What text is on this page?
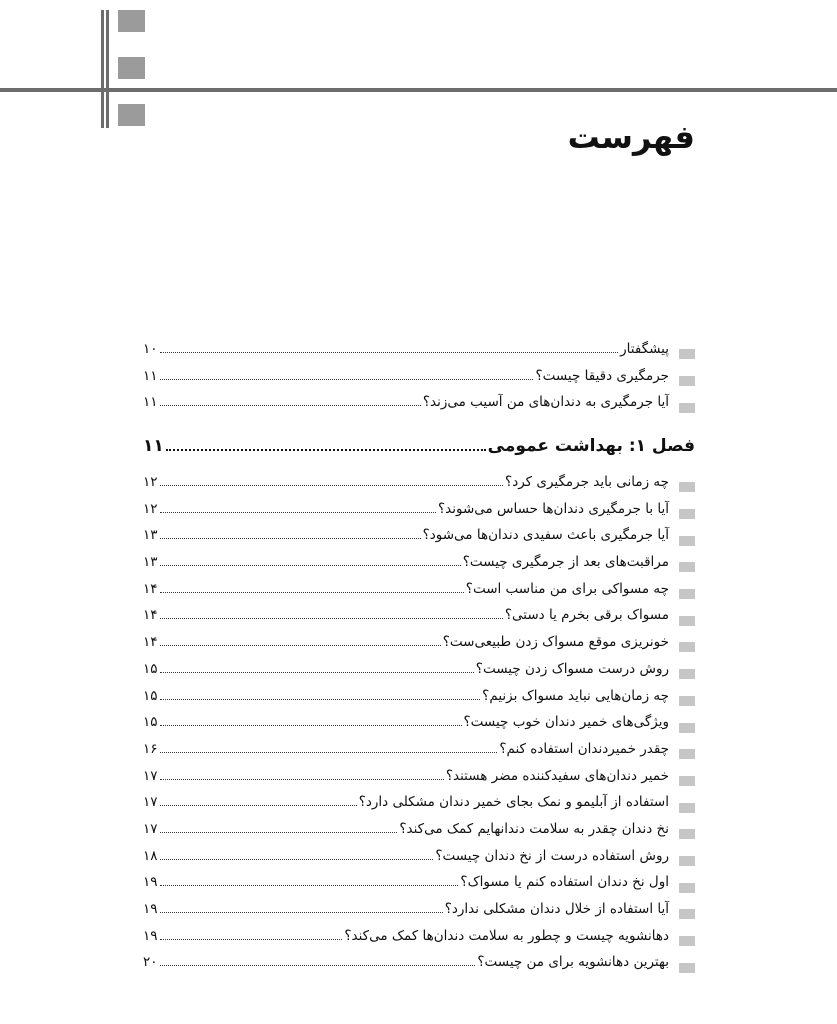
فهرست
پیشگفتار
۱۰
جرمگیری دقیقا چیست؟
۱۱
آیا جرمگیری به دندان‌های من آسیب می‌زند؟
۱۱
فصل ۱: بهداشت عمومی
۱۱
چه زمانی باید جرمگیری کرد؟
۱۲
آیا با جرمگیری دندان‌ها حساس می‌شوند؟
۱۲
آیا جرمگیری باعث سفیدی دندان‌ها می‌شود؟
۱۳
مراقبت‌های بعد از جرمگیری چیست؟
۱۳
چه مسواکی برای من مناسب است؟
۱۴
مسواک برقی بخرم یا دستی؟
۱۴
خونریزی موقع مسواک زدن طبیعی‌ست؟
۱۴
روش درست مسواک زدن چیست؟
۱۵
چه زمان‌هایی نباید مسواک بزنیم؟
۱۵
ویژگی‌های خمیر دندان خوب چیست؟
۱۵
چقدر خمیردندان استفاده کنم؟
۱۶
خمیر دندان‌های سفیدکننده مضر هستند؟
۱۷
استفاده از آبلیمو و نمک بجای خمیر دندان مشکلی دارد؟
۱۷
نخ دندان چقدر به سلامت دندانهایم کمک می‌کند؟
۱۷
روش استفاده درست از نخ دندان چیست؟
۱۸
اول نخ دندان استفاده کنم یا مسواک؟
۱۹
آیا استفاده از خلال دندان مشکلی ندارد؟
۱۹
دهانشویه چیست و چطور به سلامت دندان‌ها کمک می‌کند؟
۱۹
بهترین دهانشویه برای من چیست؟
۲۰
